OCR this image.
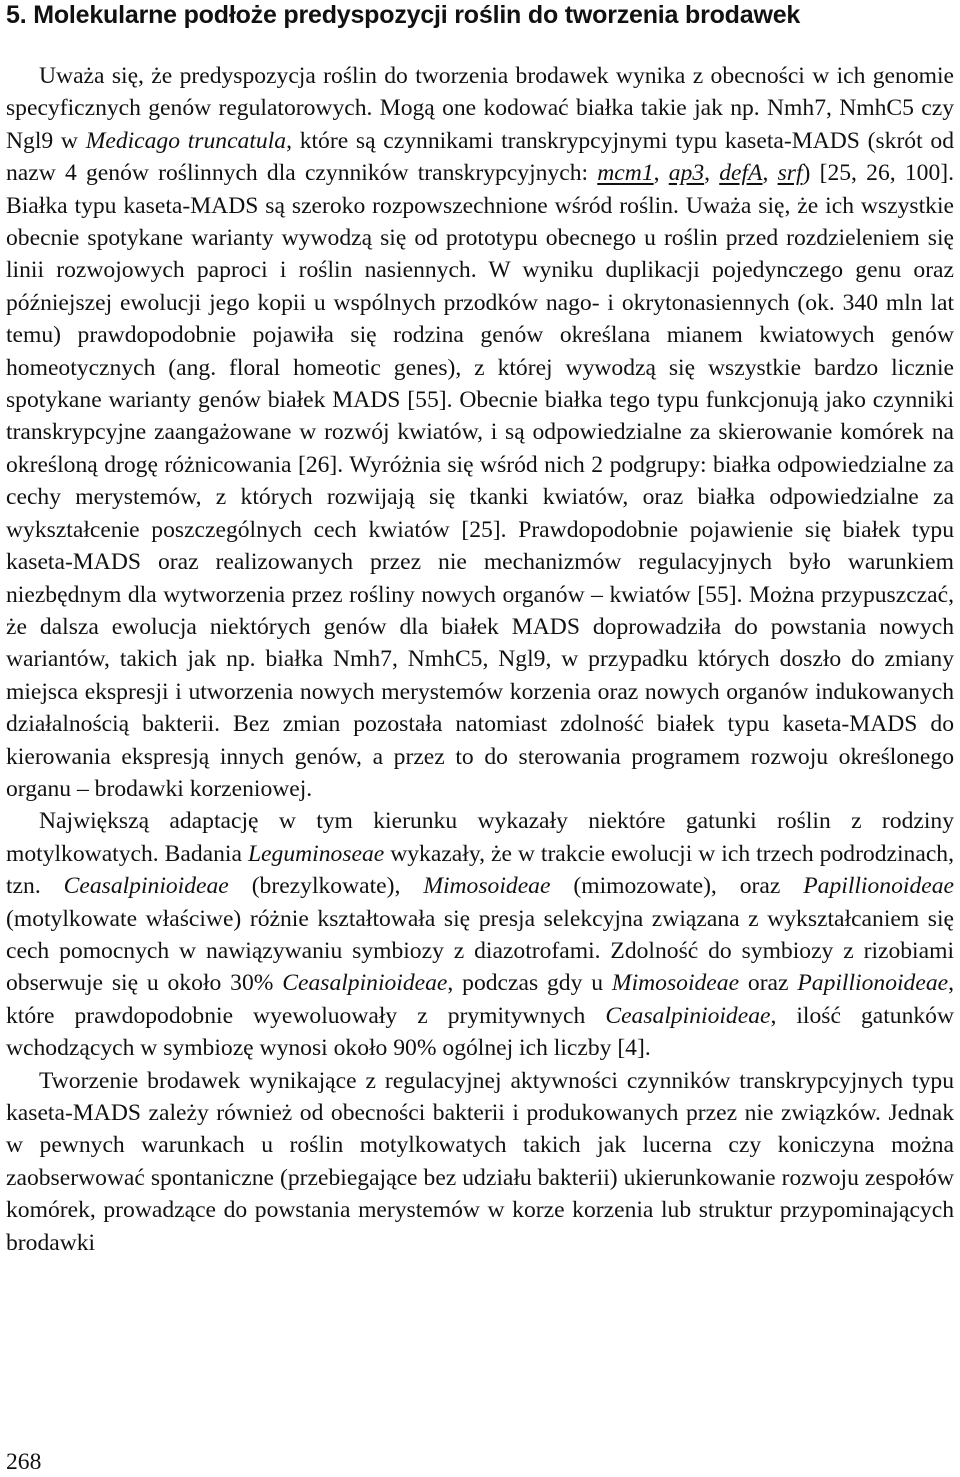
5. Molekularne podłoże predyspozycji roślin do tworzenia brodawek

Uważa się, że predyspozycja roślin do tworzenia brodawek wynika z obecności w ich genomie specyficznych genów regulatorowych. Mogą one kodować białka takie jak np. Nmh7, NmhC5 czy Ngl9 w Medicago truncatula, które są czynnikami transkrypcyjnymi typu kaseta-MADS (skrót od nazw 4 genów roślinnych dla czynników transkrypcyjnych: mcm1, ap3, defA, srf) [25, 26, 100]. Białka typu kaseta-MADS są szeroko rozpowszechnione wśród roślin. Uważa się, że ich wszystkie obecnie spotykane warianty wywodzą się od prototypu obecnego u roślin przed rozdzieleniem się linii rozwojowych paproci i roślin nasiennych. W wyniku duplikacji pojedynczego genu oraz późniejszej ewolucji jego kopii u wspólnych przodków nago- i okrytonasiennych (ok. 340 mln lat temu) prawdopodobnie pojawiła się rodzina genów określana mianem kwiatowych genów homeotycznych (ang. floral homeotic genes), z której wywodzą się wszystkie bardzo licznie spotykane warianty genów białek MADS [55]. Obecnie białka tego typu funkcjonują jako czynniki transkrypcyjne zaangażowane w rozwój kwiatów, i są odpowiedzialne za skierowanie komórek na określoną drogę różnicowania [26]. Wyróżnia się wśród nich 2 podgrupy: białka odpowiedzialne za cechy merystemów, z których rozwijają się tkanki kwiatów, oraz białka odpowiedzialne za wykształcenie poszczególnych cech kwiatów [25]. Prawdopodobnie pojawienie się białek typu kaseta-MADS oraz realizowanych przez nie mechanizmów regulacyjnych było warunkiem niezbędnym dla wytworzenia przez rośliny nowych organów – kwiatów [55]. Można przypuszczać, że dalsza ewolucja niektórych genów dla białek MADS doprowadziła do powstania nowych wariantów, takich jak np. białka Nmh7, NmhC5, Ngl9, w przypadku których doszło do zmiany miejsca ekspresji i utworzenia nowych merystemów korzenia oraz nowych organów indukowanych działalnością bakterii. Bez zmian pozostała natomiast zdolność białek typu kaseta-MADS do kierowania ekspresją innych genów, a przez to do sterowania programem rozwoju określonego organu – brodawki korzeniowej.

Największą adaptację w tym kierunku wykazały niektóre gatunki roślin z rodziny motylkowatych. Badania Leguminoseae wykazały, że w trakcie ewolucji w ich trzech podrodzinach, tzn. Ceasalpinioideae (brezylkowate), Mimosoideae (mimozowate), oraz Papillionoideae (motylkowate właściwe) różnie kształtowała się presja selekcyjna związana z wykształcaniem się cech pomocnych w nawiązywaniu symbiozy z diazotrofami. Zdolność do symbiozy z rizobiami obserwuje się u około 30% Ceasalpinioideae, podczas gdy u Mimosoideae oraz Papillionoideae, które prawdopodobnie wyewoluowały z prymitywnych Ceasalpinioideae, ilość gatunków wchodzących w symbiozę wynosi około 90% ogólnej ich liczby [4].

Tworzenie brodawek wynikające z regulacyjnej aktywności czynników transkrypcyjnych typu kaseta-MADS zależy również od obecności bakterii i produkowanych przez nie związków. Jednak w pewnych warunkach u roślin motylkowatych takich jak lucerna czy koniczyna można zaobserwować spontaniczne (przebiegające bez udziału bakterii) ukierunkowanie rozwoju zespołów komórek, prowadzące do powstania merystemów w korze korzenia lub struktur przypominających brodawki

268
